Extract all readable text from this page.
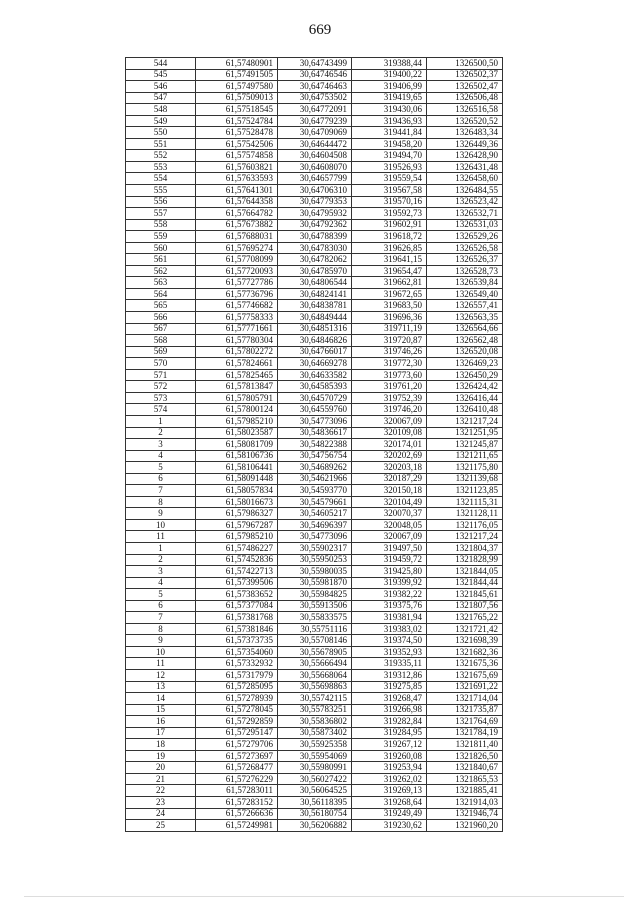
669
544	61,57480901	30,64743499	319388,44	1326500,50
545	61,57491505	30,64746546	319400,22	1326502,37
546	61,57497580	30,64746463	319406,99	1326502,47
547	61,57509013	30,64753502	319419,65	1326506,48
548	61,57518545	30,64772091	319430,06	1326516,58
549	61,57524784	30,64779239	319436,93	1326520,52
550	61,57528478	30,64709069	319441,84	1326483,34
551	61,57542506	30,64644472	319458,20	1326449,36
552	61,57574858	30,64604508	319494,70	1326428,90
553	61,57603821	30,64608070	319526,93	1326431,48
554	61,57633593	30,64657799	319559,54	1326458,60
555	61,57641301	30,64706310	319567,58	1326484,55
556	61,57644358	30,64779353	319570,16	1326523,42
557	61,57664782	30,64795932	319592,73	1326532,71
558	61,57673882	30,64792362	319602,91	1326531,03
559	61,57688031	30,64788399	319618,72	1326529,26
560	61,57695274	30,64783030	319626,85	1326526,58
561	61,57708099	30,64782062	319641,15	1326526,37
562	61,57720093	30,64785970	319654,47	1326528,73
563	61,57727786	30,64806544	319662,81	1326539,84
564	61,57736796	30,64824141	319672,65	1326549,40
565	61,57746682	30,64838781	319683,50	1326557,41
566	61,57758333	30,64849444	319696,36	1326563,35
567	61,57771661	30,64851316	319711,19	1326564,66
568	61,57780304	30,64846826	319720,87	1326562,48
569	61,57802272	30,64766017	319746,26	1326520,08
570	61,57824661	30,64669278	319772,30	1326469,23
571	61,57825465	30,64633582	319773,60	1326450,29
572	61,57813847	30,64585393	319761,20	1326424,42
573	61,57805791	30,64570729	319752,39	1326416,44
574	61,57800124	30,64559760	319746,20	1326410,48
1	61,57985210	30,54773096	320067,09	1321217,24
2	61,58023587	30,54836617	320109,08	1321251,95
3	61,58081709	30,54822388	320174,01	1321245,87
4	61,58106736	30,54756754	320202,69	1321211,65
5	61,58106441	30,54689262	320203,18	1321175,80
6	61,58091448	30,54621966	320187,29	1321139,68
7	61,58057834	30,54593770	320150,18	1321123,85
8	61,58016673	30,54579661	320104,49	1321115,31
9	61,57986327	30,54605217	320070,37	1321128,11
10	61,57967287	30,54696397	320048,05	1321176,05
11	61,57985210	30,54773096	320067,09	1321217,24
1	61,57486227	30,55902317	319497,50	1321804,37
2	61,57452836	30,55950253	319459,72	1321828,99
3	61,57422713	30,55980035	319425,80	1321844,05
4	61,57399506	30,55981870	319399,92	1321844,44
5	61,57383652	30,55984825	319382,22	1321845,61
6	61,57377084	30,55913506	319375,76	1321807,56
7	61,57381768	30,55833575	319381,94	1321765,22
8	61,57381846	30,55751116	319383,02	1321721,42
9	61,57373735	30,55708146	319374,50	1321698,39
10	61,57354060	30,55678905	319352,93	1321682,36
11	61,57332932	30,55666494	319335,11	1321675,36
12	61,57317979	30,55668064	319312,86	1321675,69
13	61,57285095	30,55698863	319275,85	1321691,22
14	61,57278939	30,55742115	319268,47	1321714,04
15	61,57278045	30,55783251	319266,98	1321735,87
16	61,57292859	30,55836802	319282,84	1321764,69
17	61,57295147	30,55873402	319284,95	1321784,19
18	61,57279706	30,55925358	319267,12	1321811,40
19	61,57273697	30,55954069	319260,08	1321826,50
20	61,57268477	30,55980991	319253,94	1321840,67
21	61,57276229	30,56027422	319262,02	1321865,53
22	61,57283011	30,56064525	319269,13	1321885,41
23	61,57283152	30,56118395	319268,64	1321914,03
24	61,57266636	30,56180754	319249,49	1321946,74
25	61,57249981	30,56206882	319230,62	1321960,20
